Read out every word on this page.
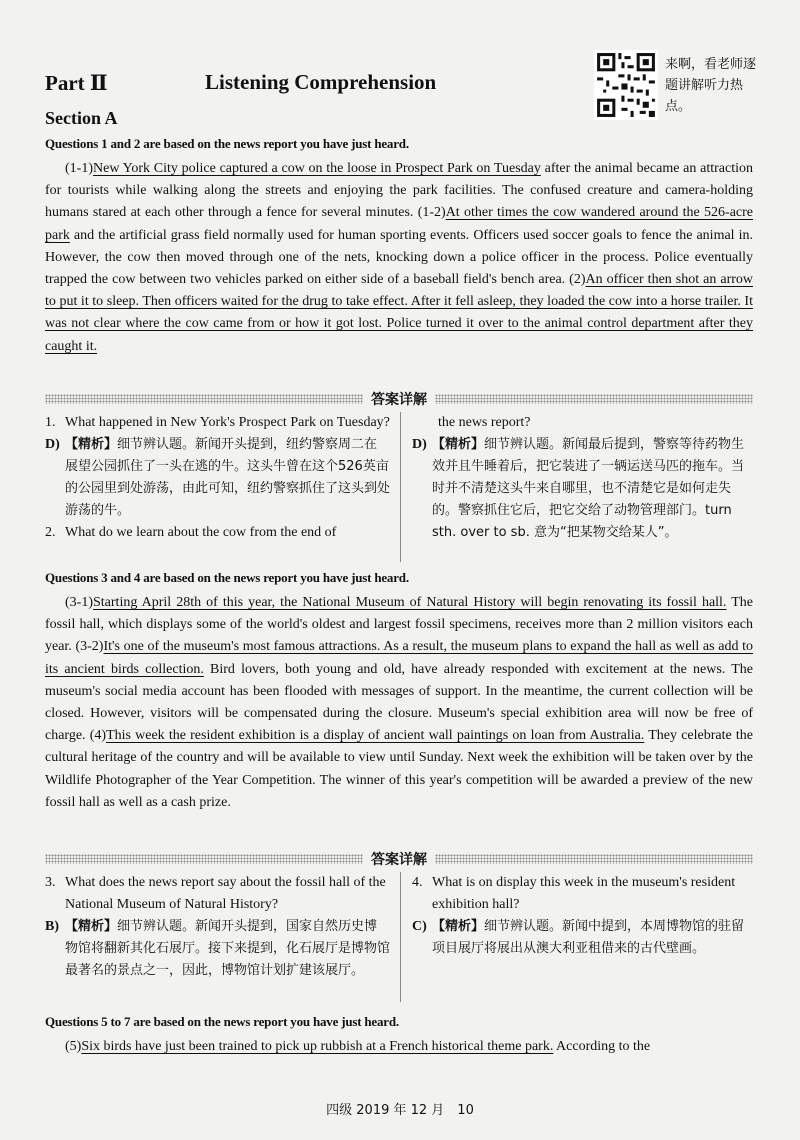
Part Ⅱ	Listening Comprehension
来啊，看老师逐题讲解听力热点。
Section A
Questions 1 and 2 are based on the news report you have just heard.
(1-1)New York City police captured a cow on the loose in Prospect Park on Tuesday after the animal became an attraction for tourists while walking along the streets and enjoying the park facilities. The confused creature and camera-holding humans stared at each other through a fence for several minutes. (1-2)At other times the cow wandered around the 526-acre park and the artificial grass field normally used for human sporting events. Officers used soccer goals to fence the animal in. However, the cow then moved through one of the nets, knocking down a police officer in the process. Police eventually trapped the cow between two vehicles parked on either side of a baseball field's bench area. (2)An officer then shot an arrow to put it to sleep. Then officers waited for the drug to take effect. After it fell asleep, they loaded the cow into a horse trailer. It was not clear where the cow came from or how it got lost. Police turned it over to the animal control department after they caught it.
答案详解
1. What happened in New York's Prospect Park on Tuesday?
D) 【精析】细节辨认题。新闻开头提到，纽约警察周二在展望公园抓住了一头在逃的牛。这头牛曾在这个526英亩的公园里到处游荡，由此可知，纽约警察抓住了这头到处游荡的牛。
2. What do we learn about the cow from the end of
the news report?
D) 【精析】细节辨认题。新闻最后提到，警察等待药物生效并且牛睡着后，把它装进了一辆运送马匹的拖车。当时并不清楚这头牛来自哪里，也不清楚它是如何走失的。警察抓住它后，把它交给了动物管理部门。turn sth. over to sb. 意为“把某物交给某人”。
Questions 3 and 4 are based on the news report you have just heard.
(3-1)Starting April 28th of this year, the National Museum of Natural History will begin renovating its fossil hall. The fossil hall, which displays some of the world's oldest and largest fossil specimens, receives more than 2 million visitors each year. (3-2)It's one of the museum's most famous attractions. As a result, the museum plans to expand the hall as well as add to its ancient birds collection. Bird lovers, both young and old, have already responded with excitement at the news. The museum's social media account has been flooded with messages of support. In the meantime, the current collection will be closed. However, visitors will be compensated during the closure. Museum's special exhibition area will now be free of charge. (4)This week the resident exhibition is a display of ancient wall paintings on loan from Australia. They celebrate the cultural heritage of the country and will be available to view until Sunday. Next week the exhibition will be taken over by the Wildlife Photographer of the Year Competition. The winner of this year's competition will be awarded a preview of the new fossil hall as well as a cash prize.
答案详解
3. What does the news report say about the fossil hall of the National Museum of Natural History?
B) 【精析】细节辨认题。新闻开头提到，国家自然历史博物馆将翻新其化石展厅。接下来提到，化石展厅是博物馆最著名的景点之一，因此，博物馆计划扩建该展厅。
4. What is on display this week in the museum's resident exhibition hall?
C) 【精析】细节辨认题。新闻中提到，本周博物馆的驻留项目展厅将展出从澳大利亚租借来的古代壁画。
Questions 5 to 7 are based on the news report you have just heard.
(5)Six birds have just been trained to pick up rubbish at a French historical theme park. According to the
四级 2019 年 12 月　10
